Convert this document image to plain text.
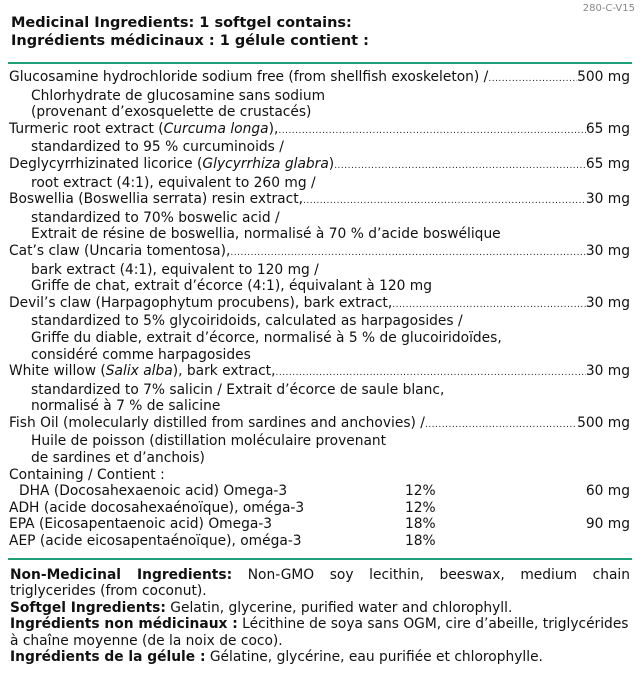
280-C-V15
Medicinal Ingredients: 1 softgel contains:
Ingrédients médicinaux : 1 gélule contient :
Glucosamine hydrochloride sodium free (from shellfish exoskeleton) / .....	500 mg
Chlorhydrate de glucosamine sans sodium
(provenant d’exosquelette de crustacés)
Turmeric root extract (Curcuma longa), .....	65 mg
standardized to 95 % curcuminoids /
Deglycyrrhizinated licorice (Glycyrrhiza glabra) .....	65 mg
root extract (4:1), equivalent to 260 mg /
Boswellia (Boswellia serrata) resin extract, .....	30 mg
standardized to 70% boswelic acid /
Extrait de résine de boswellia, normalisé à 70 % d’acide boswélique
Cat’s claw (Uncaria tomentosa), .....	30 mg
bark extract (4:1), equivalent to 120 mg /
Griffe de chat, extrait d’écorce (4:1), équivalant à 120 mg
Devil’s claw (Harpagophytum procubens), bark extract, .....	30 mg
standardized to 5% glycoiridoids, calculated as harpagosides /
Griffe du diable, extrait d’écorce, normalisé à 5 % de glucoiridoïdes,
considéré comme harpagosides
White willow (Salix alba), bark extract, .....	30 mg
standardized to 7% salicin / Extrait d’écorce de saule blanc,
normalisé à 7 % de salicine
Fish Oil (molecularly distilled from sardines and anchovies) / .....	500 mg
Huile de poisson (distillation moléculaire provenant
de sardines et d’anchois)
Containing / Contient :
DHA (Docosahexaenoic acid) Omega-3	12%	60 mg
ADH (acide docosahexaénoïque), oméga-3	12%
EPA (Eicosapentaenoic acid) Omega-3	18%	90 mg
AEP (acide eicosapentaénoïque), oméga-3	18%
Non-Medicinal Ingredients: Non-GMO soy lecithin, beeswax, medium chain triglycerides (from coconut).
Softgel Ingredients: Gelatin, glycerine, purified water and chlorophyll.
Ingrédients non médicinaux : Lécithine de soya sans OGM, cire d’abeille, triglycérides à chaîne moyenne (de la noix de coco).
Ingrédients de la gélule : Gélatine, glycérine, eau purifiée et chlorophylle.
